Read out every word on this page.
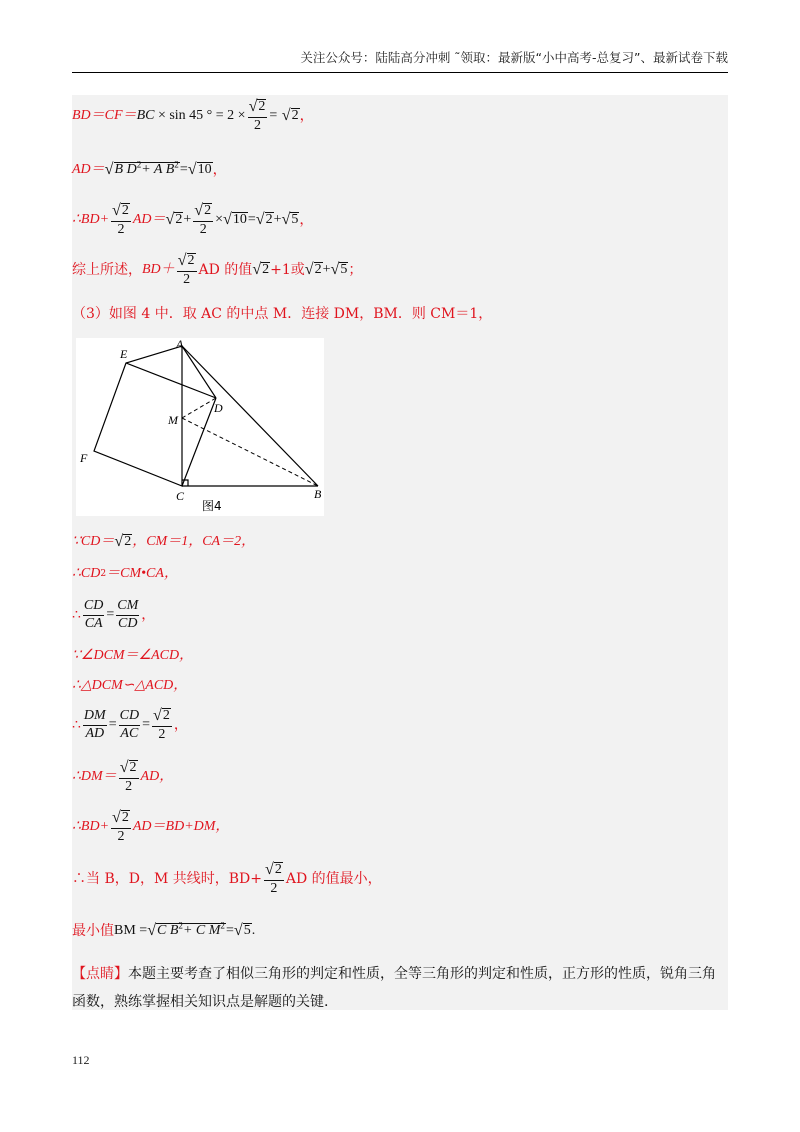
关注公众号：陆陆高分冲刺 ˜领取：最新版“小中高考-总复习”、最新试卷下载
BD＝CF＝ BC × sin 45 ° = $2 \times \frac{√ 2}{2}$ =
√ 2 ，
AD＝ √ B $D^2+ A$ $B^2$ = √ 10 ，
∴BD+ $\frac{√ 2}{2} AD=$ √ $2 + \frac{√ 2}{2}$ × √ 10 = √ 2 + √ 5 ，
综上所述， $BD+ \frac{√ 2}{2}$ AD 的值 √ 2 +1或 √ 2 + √ 5 ；
（3）如图 4 中．取 AC 的中点 M．连接 DM，BM．则 CM＝1，
E
A
M
D
F
C	B
图4
∵CD＝ √ 2 ，CM＝1，CA＝2，
∴CD 2 ＝CM•CA，
∴ $\frac{CD}{CA} = \frac{CM}{CD}$ ，
∵∠DCM＝∠ACD，
∴△DCM∽△ACD，
∴ $\frac{DM}{AD} = \frac{CD}{AC} = \frac{√ 2}{2}$ ，
∴DM＝ $\frac{√ 2}{2}$ AD，
∴BD+ $\frac{√ 2}{2} AD=BD+DM$，
∴当 B，D，M 共线时，$BD+ \frac{√ 2}{2}$ AD 的值最小，
最小值 BM = √ C $B^2+ C$ $M^2$ = √ 5 .
【点睛】本题主要考查了相似三角形的判定和性质，全等三角形的判定和性质，正方形的性质，锐角三角函数，熟练掌握相关知识点是解题的关键.
112
